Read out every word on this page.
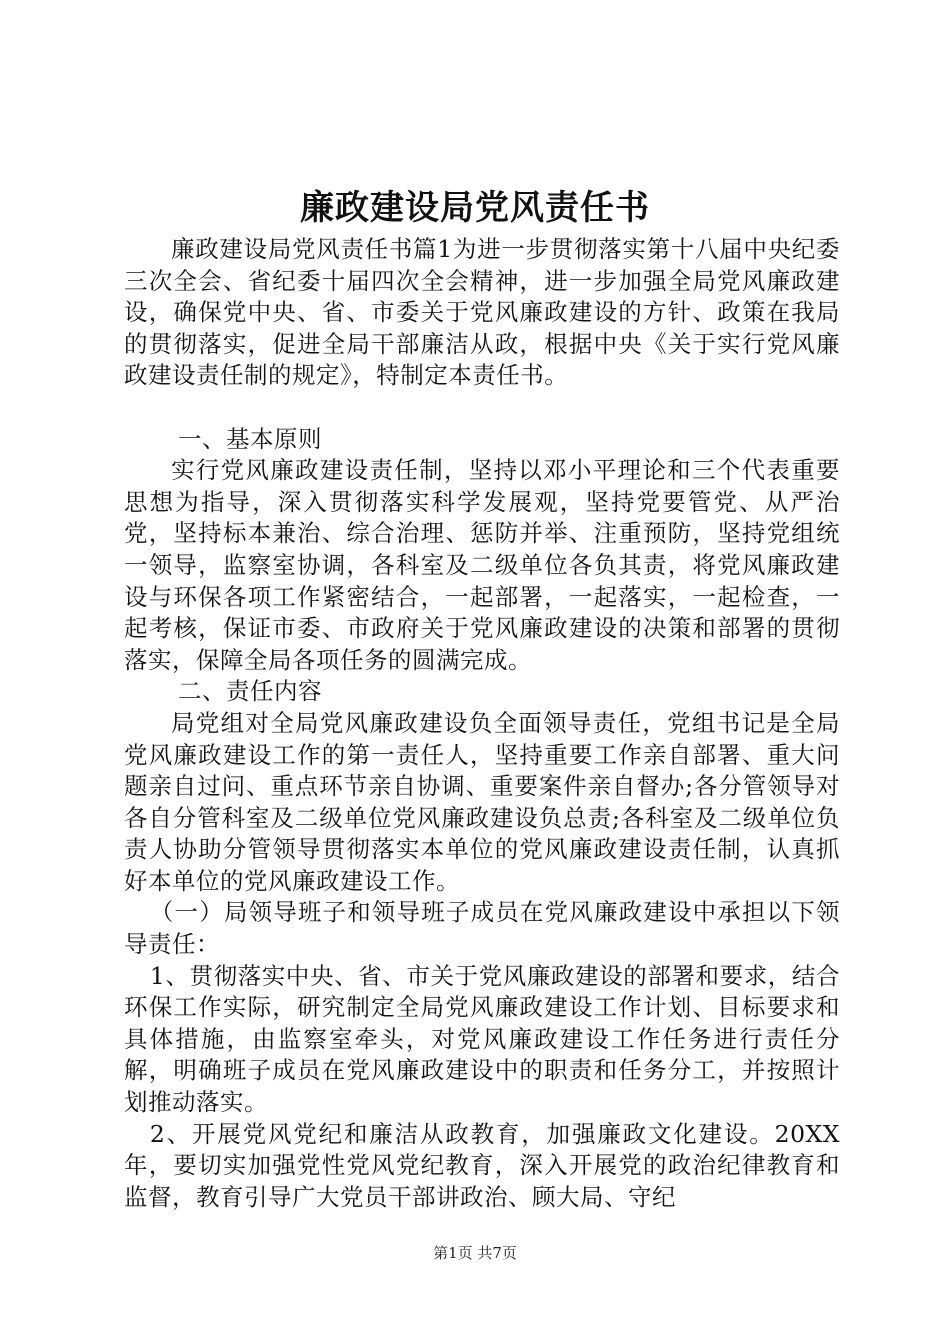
廉政建设局党风责任书

廉政建设局党风责任书篇1为进一步贯彻落实第十八届中央纪委三次全会、省纪委十届四次全会精神，进一步加强全局党风廉政建设，确保党中央、省、市委关于党风廉政建设的方针、政策在我局的贯彻落实，促进全局干部廉洁从政，根据中央《关于实行党风廉政建设责任制的规定》，特制定本责任书。

一、基本原则

实行党风廉政建设责任制，坚持以邓小平理论和三个代表重要思想为指导，深入贯彻落实科学发展观，坚持党要管党、从严治党，坚持标本兼治、综合治理、惩防并举、注重预防，坚持党组统一领导，监察室协调，各科室及二级单位各负其责，将党风廉政建设与环保各项工作紧密结合，一起部署，一起落实，一起检查，一起考核，保证市委、市政府关于党风廉政建设的决策和部署的贯彻落实，保障全局各项任务的圆满完成。

二、责任内容

局党组对全局党风廉政建设负全面领导责任，党组书记是全局党风廉政建设工作的第一责任人，坚持重要工作亲自部署、重大问题亲自过问、重点环节亲自协调、重要案件亲自督办;各分管领导对各自分管科室及二级单位党风廉政建设负总责;各科室及二级单位负责人协助分管领导贯彻落实本单位的党风廉政建设责任制，认真抓好本单位的党风廉政建设工作。

（一）局领导班子和领导班子成员在党风廉政建设中承担以下领导责任：

1、贯彻落实中央、省、市关于党风廉政建设的部署和要求，结合环保工作实际，研究制定全局党风廉政建设工作计划、目标要求和具体措施，由监察室牵头，对党风廉政建设工作任务进行责任分解，明确班子成员在党风廉政建设中的职责和任务分工，并按照计划推动落实。

2、开展党风党纪和廉洁从政教育，加强廉政文化建设。20XX年，要切实加强党性党风党纪教育，深入开展党的政治纪律教育和监督，教育引导广大党员干部讲政治、顾大局、守纪

第1页 共7页
